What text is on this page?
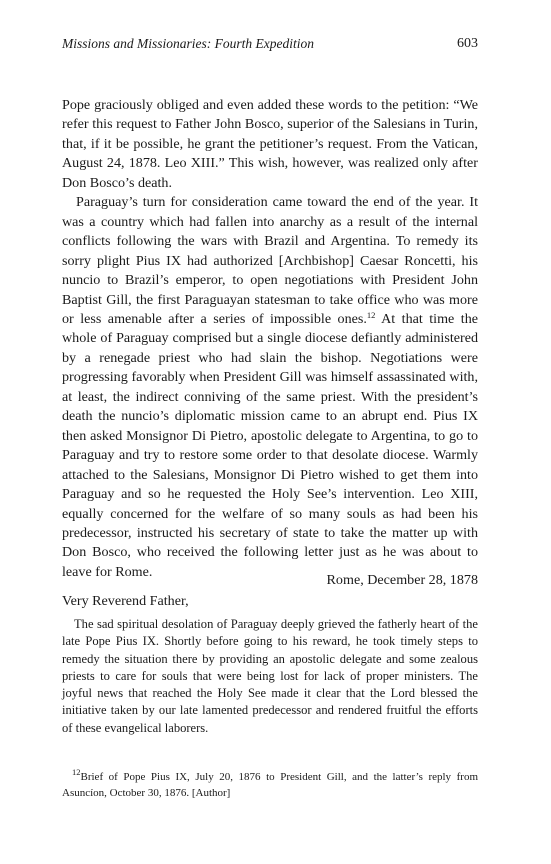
Missions and Missionaries: Fourth Expedition	603

Pope graciously obliged and even added these words to the petition: “We refer this request to Father John Bosco, superior of the Salesians in Turin, that, if it be possible, he grant the petitioner’s request. From the Vatican, August 24, 1878. Leo XIII.” This wish, however, was realized only after Don Bosco’s death.

Paraguay’s turn for consideration came toward the end of the year. It was a country which had fallen into anarchy as a result of the internal conflicts following the wars with Brazil and Argentina. To remedy its sorry plight Pius IX had authorized [Archbishop] Caesar Roncetti, his nuncio to Brazil’s emperor, to open negotiations with President John Baptist Gill, the first Paraguayan statesman to take office who was more or less amenable after a series of impossible ones.$^{12}$ At that time the whole of Paraguay comprised but a single diocese defiantly administered by a renegade priest who had slain the bishop. Negotiations were progressing favorably when President Gill was himself assassinated with, at least, the indirect conniving of the same priest. With the president’s death the nuncio’s diplomatic mission came to an abrupt end. Pius IX then asked Monsignor Di Pietro, apostolic delegate to Argentina, to go to Paraguay and try to restore some order to that desolate diocese. Warmly attached to the Salesians, Monsignor Di Pietro wished to get them into Paraguay and so he requested the Holy See’s intervention. Leo XIII, equally concerned for the welfare of so many souls as had been his predecessor, instructed his secretary of state to take the matter up with Don Bosco, who received the following letter just as he was about to leave for Rome.

Rome, December 28, 1878
Very Reverend Father,

The sad spiritual desolation of Paraguay deeply grieved the fatherly heart of the late Pope Pius IX. Shortly before going to his reward, he took timely steps to remedy the situation there by providing an apostolic delegate and some zealous priests to care for souls that were being lost for lack of proper ministers. The joyful news that reached the Holy See made it clear that the Lord blessed the initiative taken by our late lamented predecessor and rendered fruitful the efforts of these evangelical laborers.

$^{12}$Brief of Pope Pius IX, July 20, 1876 to President Gill, and the latter’s reply from Asuncíon, October 30, 1876. [Author]
